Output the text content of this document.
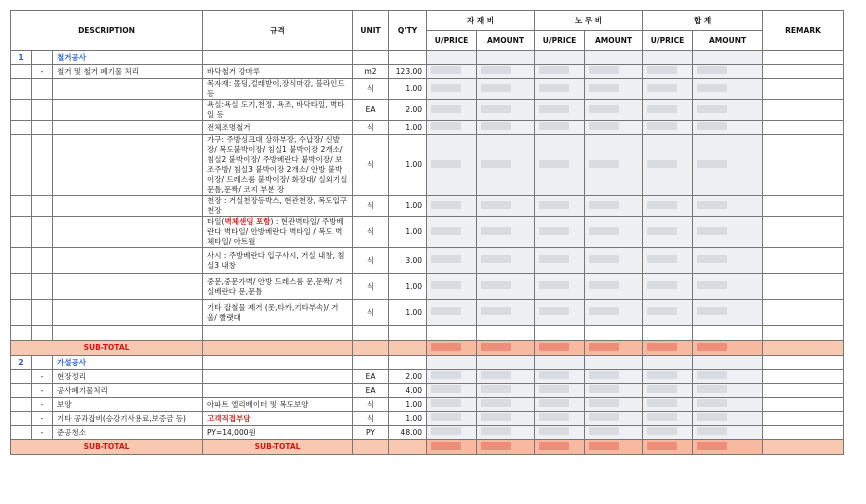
DESCRIPTION			규격	UNIT	Q'TY	자 재 비		노 무 비		합 계		REMARK
						U/PRICE	AMOUNT	U/PRICE	AMOUNT	U/PRICE	AMOUNT	
1		철거공사										
	-	철거 및 철거 폐기물 처리	바닥철거 강마루	m2	123.00							
			목자재: 몰딩,걸레받이,장식마감, 블라인드 등	식	1.00							
			욕실:욕실 도기,천정, 욕조, 바닥타일, 벽타일 등	EA	2.00							
			전체조명철거	식	1.00							
			가구: 주방싱크대 상하부장, 수납장/ 신발장/ 복도붙박이장/ 침실1 붙박이장 2개소/ 침실2 붙박이장/ 주방베란다 붙박이장/ 보조주방/ 침실3 붙박이장 2개소/ 안방 붙박이장/ 드레스룸 붙박이장/ 화장대/ 실외기실 문틀,문짝/ 코지 부분 장	식	1.00							
			천장 : 거실천장등박스, 현관천장, 복도입구천장	식	1.00							
			타일(벽체샌딩 포함) : 현관벽타일/ 주방베란다 벽타일/ 안방베란다 벽타일 / 복도 벽체타일/ 아트월	식	1.00							
			사시 : 주방베란다 입구사시, 거실 내창, 침실3 내창	식	3.00							
			중문,중문가벽/ 안방 드레스룸 문,문짝/ 거실베란다 문,문틀	식	1.00							
			기타 잡철물 제거 (못,타카,기타부속)/ 거울/ 빨랫대	식	1.00							

SUB-TOTAL												
2		가설공사										
	-	현장정리		EA	2.00							
	-	공사폐기물처리		EA	4.00							
	-	보양	아파트 엘리베이터 및 복도보양	식	1.00							
	-	기타 공과잡비(승강기사용료,보증금 등)	고객직접부담	식	1.00							
	-	준공청소	PY=14,000원	PY	48.00							
SUB-TOTAL			SUB-TOTAL									
